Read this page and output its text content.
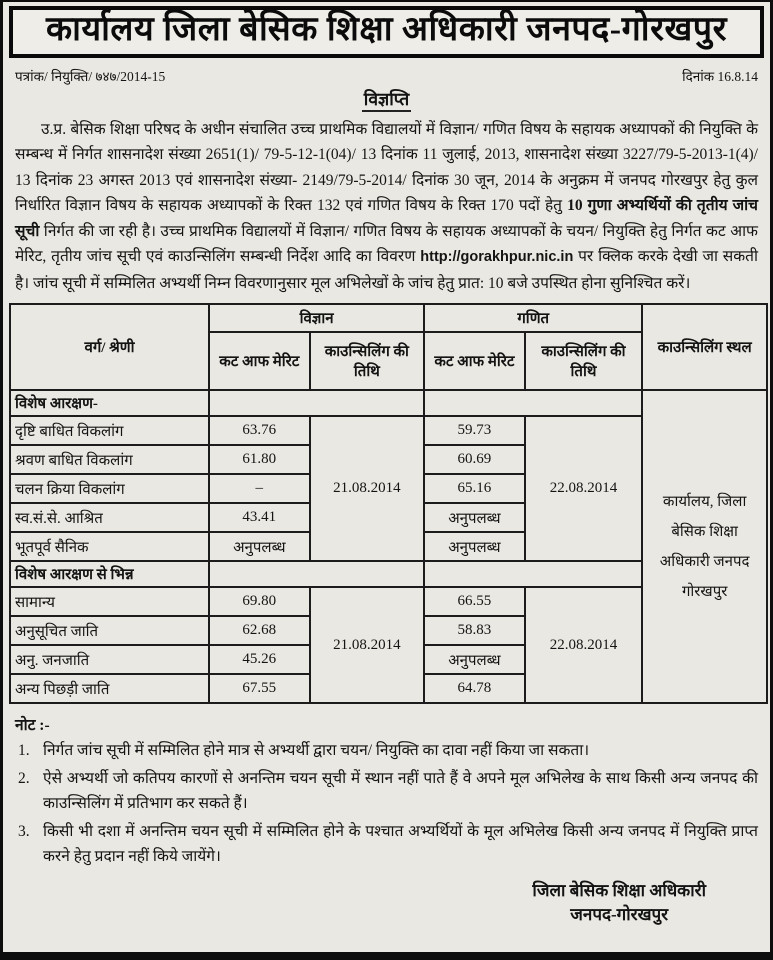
कार्यालय जिला बेसिक शिक्षा अधिकारी जनपद-गोरखपुर
पत्रांक/ नियुक्ति/ ७४७/2014-15	दिनांक 16.8.14
विज्ञप्ति

उ.प्र. बेसिक शिक्षा परिषद के अधीन संचालित उच्च प्राथमिक विद्यालयों में विज्ञान/ गणित विषय के सहायक अध्यापकों की नियुक्ति के सम्बन्ध में निर्गत शासनादेश संख्या 2651(1)/ 79-5-12-1(04)/ 13 दिनांक 11 जुलाई, 2013, शासनादेश संख्या 3227/79-5-2013-1(4)/ 13 दिनांक 23 अगस्त 2013 एवं शासनादेश संख्या- 2149/79-5-2014/ दिनांक 30 जून, 2014 के अनुक्रम में जनपद गोरखपुर हेतु कुल निर्धारित विज्ञान विषय के सहायक अध्यापकों के रिक्त 132 एवं गणित विषय के रिक्त 170 पदों हेतु 10 गुणा अभ्यर्थियों की तृतीय जांच सूची निर्गत की जा रही है। उच्च प्राथमिक विद्यालयों में विज्ञान/ गणित विषय के सहायक अध्यापकों के चयन/ नियुक्ति हेतु निर्गत कट आफ मेरिट, तृतीय जांच सूची एवं काउन्सिलिंग सम्बन्धी निर्देश आदि का विवरण http://gorakhpur.nic.in पर क्लिक करके देखी जा सकती है। जांच सूची में सम्मिलित अभ्यर्थी निम्न विवरणानुसार मूल अभिलेखों के जांच हेतु प्रात: 10 बजे उपस्थित होना सुनिश्चित करें।

वर्ग/ श्रेणी	विज्ञान		गणित		काउन्सिलिंग स्थल
	कट आफ मेरिट	काउन्सिलिंग की तिथि	कट आफ मेरिट	काउन्सिलिंग की तिथि	
विशेष आरक्षण-					कार्यालय, जिला बेसिक शिक्षा अधिकारी जनपद गोरखपुर
दृष्टि बाधित विकलांग	63.76	21.08.2014	59.73	22.08.2014	
श्रवण बाधित विकलांग	61.80		60.69		
चलन क्रिया विकलांग	–		65.16		
स्व.सं.से. आश्रित	43.41		अनुपलब्ध		
भूतपूर्व सैनिक	अनुपलब्ध		अनुपलब्ध		
विशेष आरक्षण से भिन्न					
सामान्य	69.80	21.08.2014	66.55	22.08.2014	
अनुसूचित जाति	62.68		58.83		
अनु. जनजाति	45.26		अनुपलब्ध		
अन्य पिछड़ी जाति	67.55		64.78		
नोट :-
1. निर्गत जांच सूची में सम्मिलित होने मात्र से अभ्यर्थी द्वारा चयन/ नियुक्ति का दावा नहीं किया जा सकता।
2. ऐसे अभ्यर्थी जो कतिपय कारणों से अनन्तिम चयन सूची में स्थान नहीं पाते हैं वे अपने मूल अभिलेख के साथ किसी अन्य जनपद की काउन्सिलिंग में प्रतिभाग कर सकते हैं।
3. किसी भी दशा में अनन्तिम चयन सूची में सम्मिलित होने के पश्चात अभ्यर्थियों के मूल अभिलेख किसी अन्य जनपद में नियुक्ति प्राप्त करने हेतु प्रदान नहीं किये जायेंगे।
जिला बेसिक शिक्षा अधिकारी
जनपद-गोरखपुर
